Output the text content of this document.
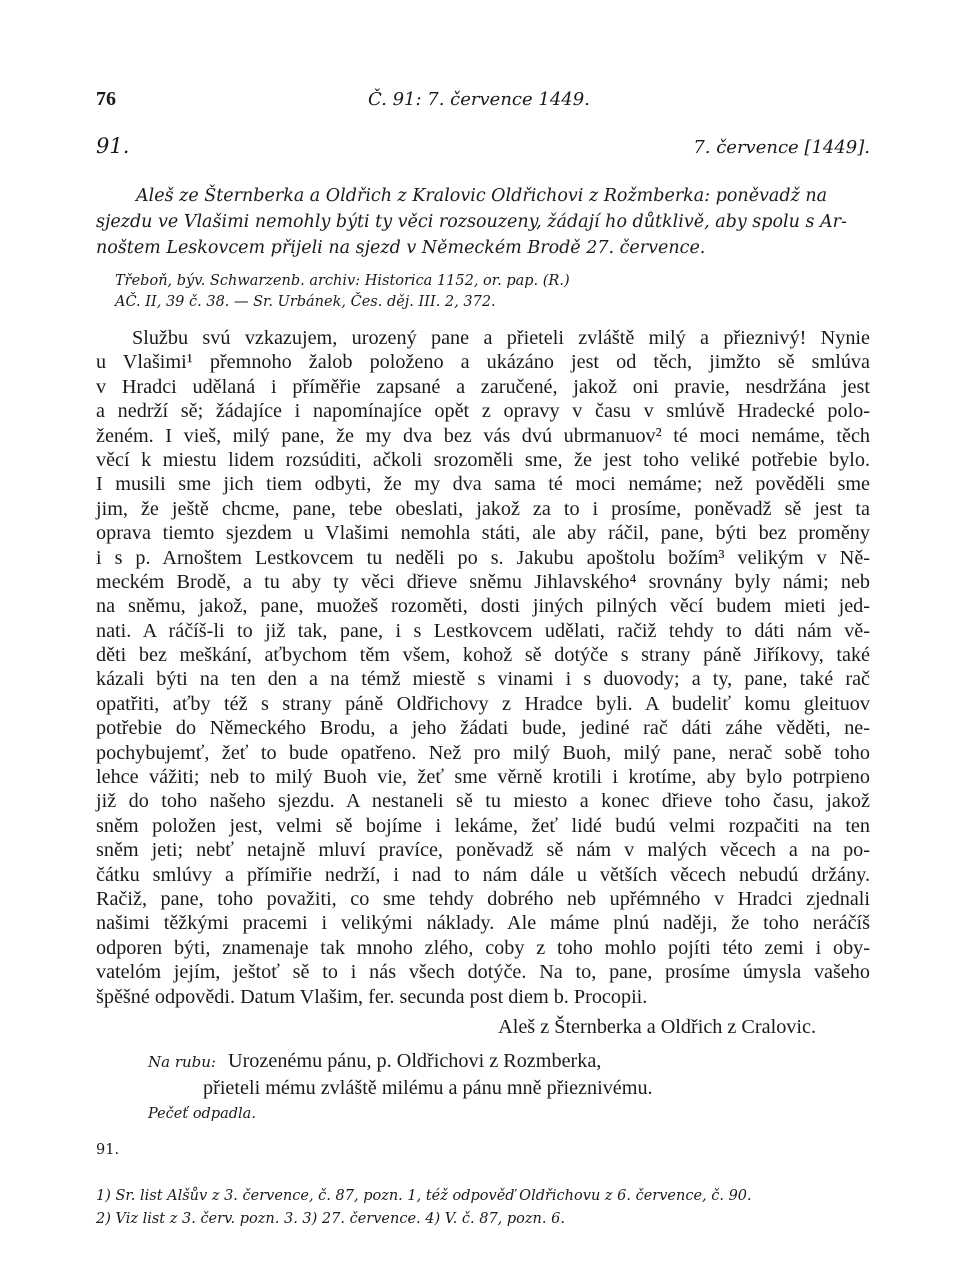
76	Č. 91: 7. července 1449.
91.	7. července [1449].
Aleš ze Šternberka a Oldřich z Kralovic Oldřichovi z Rožmberka: poněvadž na
sjezdu ve Vlašimi nemohly býti ty věci rozsouzeny, žádají ho důtklivě, aby spolu s Ar-
noštem Leskovcem přijeli na sjezd v Německém Brodě 27. července.
Třeboň, býv. Schwarzenb. archiv: Historica 1152, or. pap. (R.)
AČ. II, 39 č. 38. — Sr. Urbánek, Čes. děj. III. 2, 372.
Službu svú vzkazujem, urozený pane a přieteli zvláště milý a přieznivý! Nynie
u Vlašimi¹ přemnoho žalob položeno a ukázáno jest od těch, jimžto sě smlúva
v Hradci udělaná i příměřie zapsané a zaručené, jakož oni pravie, nesdržána jest
a nedrží sě; žádajíce i napomínajíce opět z opravy v času v smlúvě Hradecké polo-
ženém. I vieš, milý pane, že my dva bez vás dvú ubrmanuov² té moci nemáme, těch
věcí k miestu lidem rozsúditi, ačkoli srozoměli sme, že jest toho veliké potřebie bylo.
I musili sme jich tiem odbyti, že my dva sama té moci nemáme; než pověděli sme
jim, že ještě chcme, pane, tebe obeslati, jakož za to i prosíme, poněvadž sě jest ta
oprava tiemto sjezdem u Vlašimi nemohla státi, ale aby ráčil, pane, býti bez proměny
i s p. Arnoštem Lestkovcem tu neděli po s. Jakubu apoštolu božím³ velikým v Ně-
meckém Brodě, a tu aby ty věci dřieve sněmu Jihlavského⁴ srovnány byly námi; neb
na sněmu, jakož, pane, muožeš rozoměti, dosti jiných pilných věcí budem mieti jed-
nati. A ráčíš-li to již tak, pane, i s Lestkovcem udělati, račiž tehdy to dáti nám vě-
děti bez meškání, aťbychom těm všem, kohož sě dotýče s strany páně Jiříkovy, také
kázali býti na ten den a na témž miestě s vinami i s duovody; a ty, pane, také rač
opatřiti, aťby též s strany páně Oldřichovy z Hradce byli. A budeliť komu gleituov
potřebie do Německého Brodu, a jeho žádati bude, jediné rač dáti záhe věděti, ne-
pochybujemť, žeť to bude opatřeno. Než pro milý Buoh, milý pane, nerač sobě toho
lehce vážiti; neb to milý Buoh vie, žeť sme věrně krotili i krotíme, aby bylo potrpieno
již do toho našeho sjezdu. A nestaneli sě tu miesto a konec dřieve toho času, jakož
sněm položen jest, velmi sě bojíme i lekáme, žeť lidé budú velmi rozpačiti na ten
sněm jeti; nebť netajně mluví pravíce, poněvadž sě nám v malých věcech a na po-
čátku smlúvy a přímiřie nedrží, i nad to nám dále u větších věcech nebudú držány.
Račiž, pane, toho považiti, co sme tehdy dobrého neb upřémného v Hradci zjednali
našimi těžkými pracemi i velikými náklady. Ale máme plnú naději, že toho neráčíš
odporen býti, znamenaje tak mnoho zlého, coby z toho mohlo pojíti této zemi i oby-
vatelóm jejím, ještoť sě to i nás všech dotýče. Na to, pane, prosíme úmysla vašeho
špěšné odpovědi. Datum Vlašim, fer. secunda post diem b. Procopii.
Aleš z Šternberka a Oldřich z Cralovic.
Na rubu: Urozenému pánu, p. Oldřichovi z Rozmberka,
přieteli mému zvláště milému a pánu mně přieznivému.
Pečeť odpadla.
91.

1) Sr. list Alšův z 3. července, č. 87, pozn. 1, též odpověď Oldřichovu z 6. července, č. 90.
2) Viz list z 3. červ. pozn. 3. 3) 27. července. 4) V. č. 87, pozn. 6.
